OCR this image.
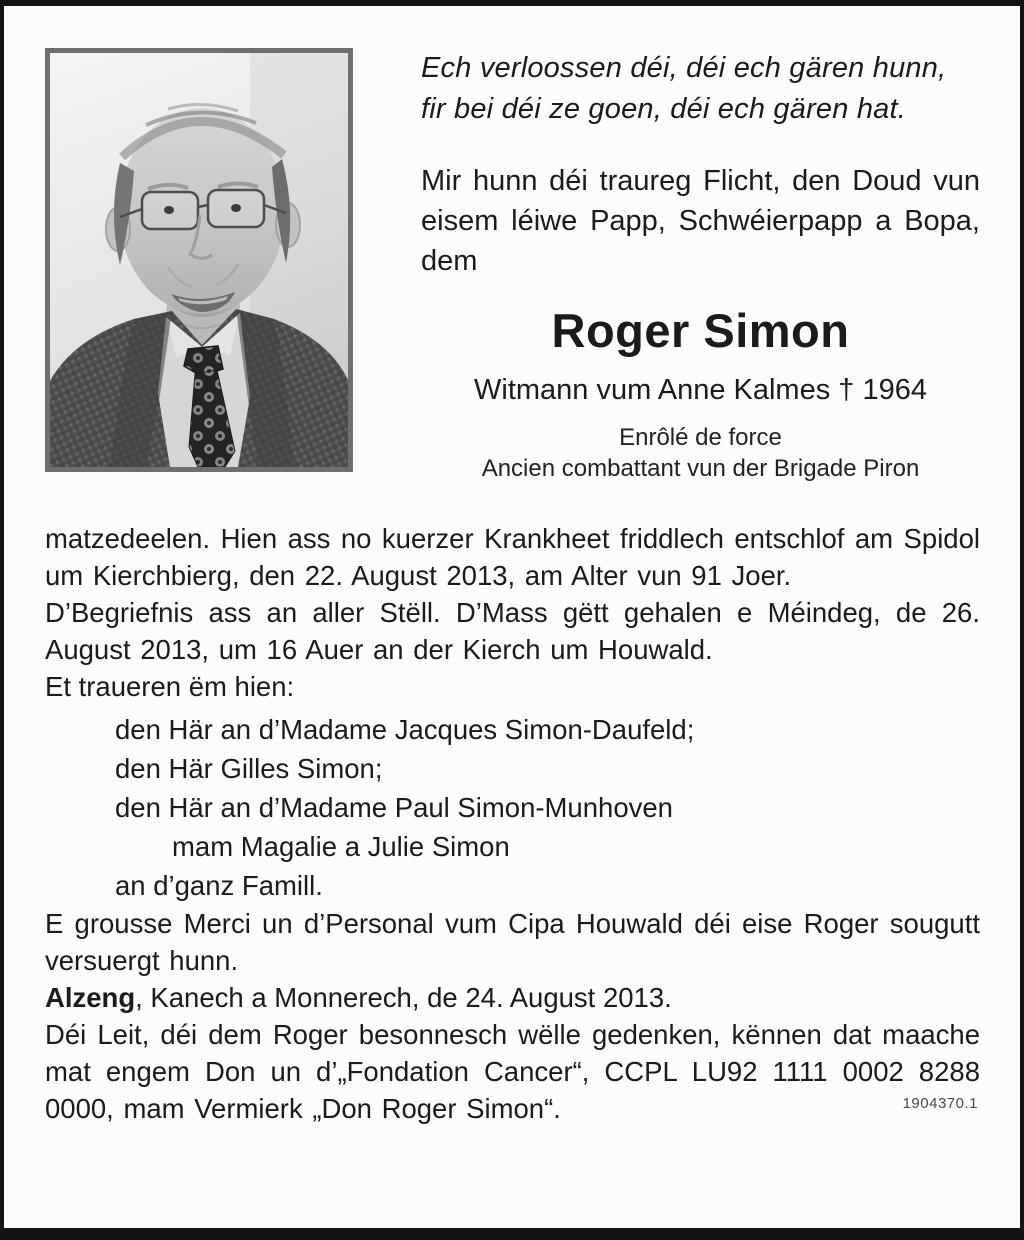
Ech verloossen déi, déi ech gären hunn,
fir bei déi ze goen, déi ech gären hat.

Mir hunn déi traureg Flicht, den Doud vun eisem léiwe Papp, Schwéierpapp a Bopa, dem

Roger Simon
Witmann vum Anne Kalmes † 1964
Enrôlé de force
Ancien combattant vun der Brigade Piron

matzedeelen. Hien ass no kuerzer Krankheet friddlech entschlof am Spidol um Kierchbierg, den 22. August 2013, am Alter vun 91 Joer.

D’Begriefnis ass an aller Stëll. D’Mass gëtt gehalen e Méindeg, de 26. August 2013, um 16 Auer an der Kierch um Houwald.

Et traueren ëm hien:

den Här an d’Madame Jacques Simon-Daufeld;
den Här Gilles Simon;
den Här an d’Madame Paul Simon-Munhoven
mam Magalie a Julie Simon
an d’ganz Famill.

E grousse Merci un d’Personal vum Cipa Houwald déi eise Roger sougutt versuergt hunn.

Alzeng, Kanech a Monnerech, de 24. August 2013.

Déi Leit, déi dem Roger besonnesch wëlle gedenken, kënnen dat maache mat engem Don un d’„Fondation Cancer“, CCPL LU92 1111 0002 8288 0000, mam Vermierk „Don Roger Simon“.	1904370.1
